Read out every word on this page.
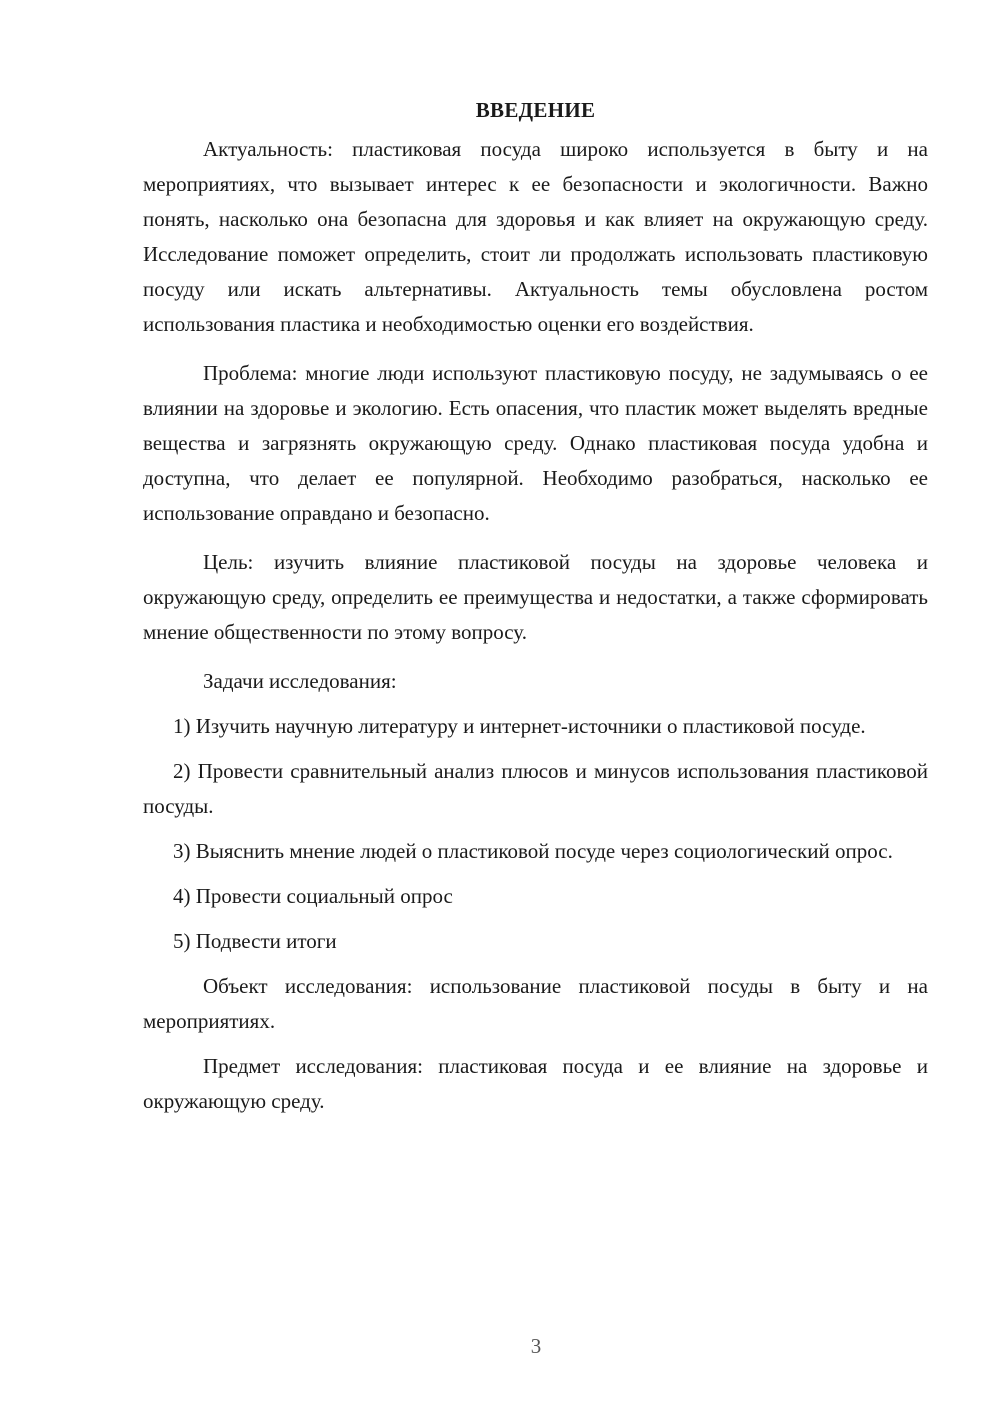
ВВЕДЕНИЕ

Актуальность: пластиковая посуда широко используется в быту и на мероприятиях, что вызывает интерес к ее безопасности и экологичности. Важно понять, насколько она безопасна для здоровья и как влияет на окружающую среду. Исследование поможет определить, стоит ли продолжать использовать пластиковую посуду или искать альтернативы. Актуальность темы обусловлена ростом использования пластика и необходимостью оценки его воздействия.

Проблема: многие люди используют пластиковую посуду, не задумываясь о ее влиянии на здоровье и экологию. Есть опасения, что пластик может выделять вредные вещества и загрязнять окружающую среду. Однако пластиковая посуда удобна и доступна, что делает ее популярной. Необходимо разобраться, насколько ее использование оправдано и безопасно.

Цель: изучить влияние пластиковой посуды на здоровье человека и окружающую среду, определить ее преимущества и недостатки, а также сформировать мнение общественности по этому вопросу.

Задачи исследования:

1) Изучить научную литературу и интернет-источники о пластиковой посуде.

2) Провести сравнительный анализ плюсов и минусов использования пластиковой посуды.

3) Выяснить мнение людей о пластиковой посуде через социологический опрос.

4) Провести социальный опрос

5) Подвести итоги

Объект исследования: использование пластиковой посуды в быту и на мероприятиях.

Предмет исследования: пластиковая посуда и ее влияние на здоровье и окружающую среду.

3
